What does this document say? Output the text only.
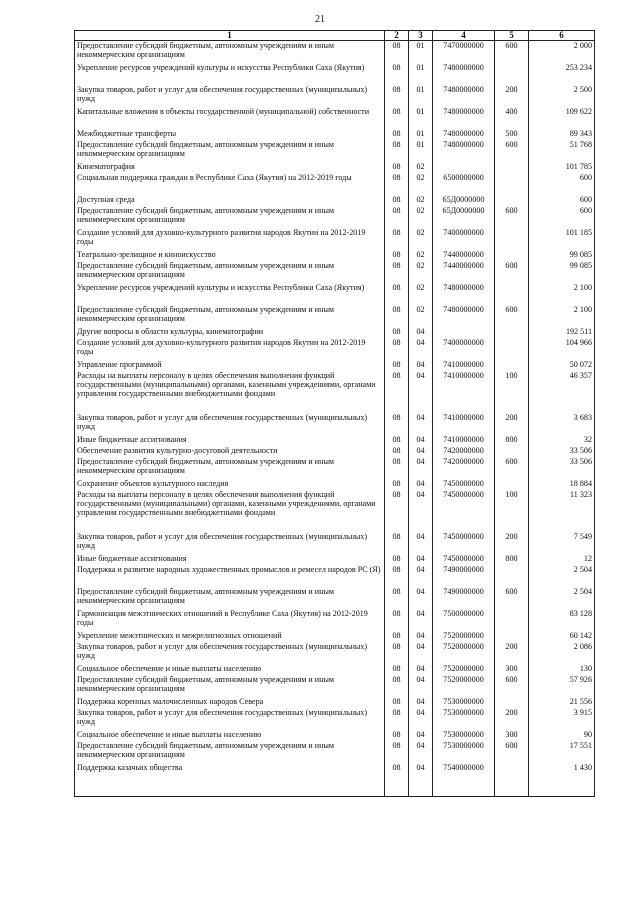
21
1	2	3	4	5	6
Предоставление субсидий бюджетным, автономным учреждениям и иным некоммерческим организациям	08	01	7470000000	600	2 000
Укрепление ресурсов учреждений культуры и искусства Республики Саха (Якутия)	08	01	7480000000		253 234
Закупка товаров, работ и услуг для обеспечения государственных (муниципальных) нужд	08	01	7480000000	200	2 500
Капитальные вложения в объекты государственной (муниципальной) собственности	08	01	7480000000	400	109 622
Межбюджетные трансферты	08	01	7480000000	500	89 343
Предоставление субсидий бюджетным, автономным учреждениям и иным некоммерческим организациям	08	01	7480000000	600	51 768
Кинематография	08	02			101 785
Социальная поддержка граждан в Республике Саха (Якутия) на 2012-2019 годы	08	02	6500000000		600
Доступная среда	08	02	65Д0000000		600
Предоставление субсидий бюджетным, автономным учреждениям и иным некоммерческим организациям	08	02	65Д0000000	600	600
Создание условий для духовно-культурного развития народов Якутии на 2012-2019 годы	08	02	7400000000		101 185
Театрально-зрелищное и киноискусство	08	02	7440000000		99 085
Предоставление субсидий бюджетным, автономным учреждениям и иным некоммерческим организациям	08	02	7440000000	600	99 085
Укрепление ресурсов учреждений культуры и искусства Республики Саха (Якутия)	08	02	7480000000		2 100
Предоставление субсидий бюджетным, автономным учреждениям и иным некоммерческим организациям	08	02	7480000000	600	2 100
Другие вопросы в области культуры, кинематографии	08	04			192 511
Создание условий для духовно-культурного развития народов Якутии на 2012-2019 годы	08	04	7400000000		104 966
Управление программой	08	04	7410000000		50 072
Расходы на выплаты персоналу в целях обеспечения выполнения функций государственными (муниципальными) органами, казенными учреждениями, органами управления государственными внебюджетными фондами	08	04	7410000000	100	46 357
Закупка товаров, работ и услуг для обеспечения государственных (муниципальных) нужд	08	04	7410000000	200	3 683
Иные бюджетные ассигнования	08	04	7410000000	800	32
Обеспечение развития культурно-досуговой деятельности	08	04	7420000000		33 506
Предоставление субсидий бюджетным, автономным учреждениям и иным некоммерческим организациям	08	04	7420000000	600	33 506
Сохранение объектов культурного наследия	08	04	7450000000		18 884
Расходы на выплаты персоналу в целях обеспечения выполнения функций государственными (муниципальными) органами, казенными учреждениями, органами управления государственными внебюджетными фондами	08	04	7450000000	100	11 323
Закупка товаров, работ и услуг для обеспечения государственных (муниципальных) нужд	08	04	7450000000	200	7 549
Иные бюджетные ассигнования	08	04	7450000000	800	12
Поддержка и развитие народных художественных промыслов и ремесел народов РС (Я)	08	04	7490000000		2 504
Предоставление субсидий бюджетным, автономным учреждениям и иным некоммерческим организациям	08	04	7490000000	600	2 504
Гармонизация межэтнических отношений в Республике Саха (Якутия) на 2012-2019 годы	08	04	7500000000		83 128
Укрепление межэтнических и межрелигиозных отношений	08	04	7520000000		60 142
Закупка товаров, работ и услуг для обеспечения государственных (муниципальных) нужд	08	04	7520000000	200	2 086
Социальное обеспечение и иные выплаты населению	08	04	7520000000	300	130
Предоставление субсидий бюджетным, автономным учреждениям и иным некоммерческим организациям	08	04	7520000000	600	57 926
Поддержка коренных малочисленных народов Севера	08	04	7530000000		21 556
Закупка товаров, работ и услуг для обеспечения государственных (муниципальных) нужд	08	04	7530000000	200	3 915
Социальное обеспечение и иные выплаты населению	08	04	7530000000	300	90
Предоставление субсидий бюджетным, автономным учреждениям и иным некоммерческим организациям	08	04	7530000000	600	17 551
Поддержка казачьих общества	08	04	7540000000		1 430
